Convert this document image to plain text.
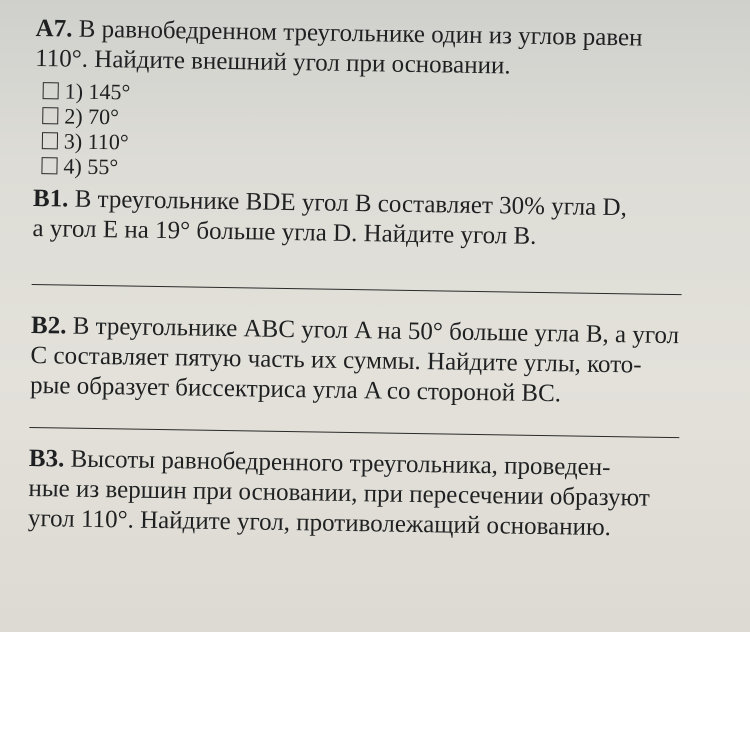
A7. В равнобедренном треугольнике один из углов равен
110°. Найдите внешний угол при основании.
1) 145°
2) 70°
3) 110°
4) 55°
B1. В треугольнике BDE угол B составляет 30% угла D,
а угол E на 19° больше угла D. Найдите угол B.
B2. В треугольнике ABC угол A на 50° больше угла B, а угол
C составляет пятую часть их суммы. Найдите углы, кото-
рые образует биссектриса угла A со стороной BC.
B3. Высоты равнобедренного треугольника, проведен-
ные из вершин при основании, при пересечении образуют
угол 110°. Найдите угол, противолежащий основанию.
